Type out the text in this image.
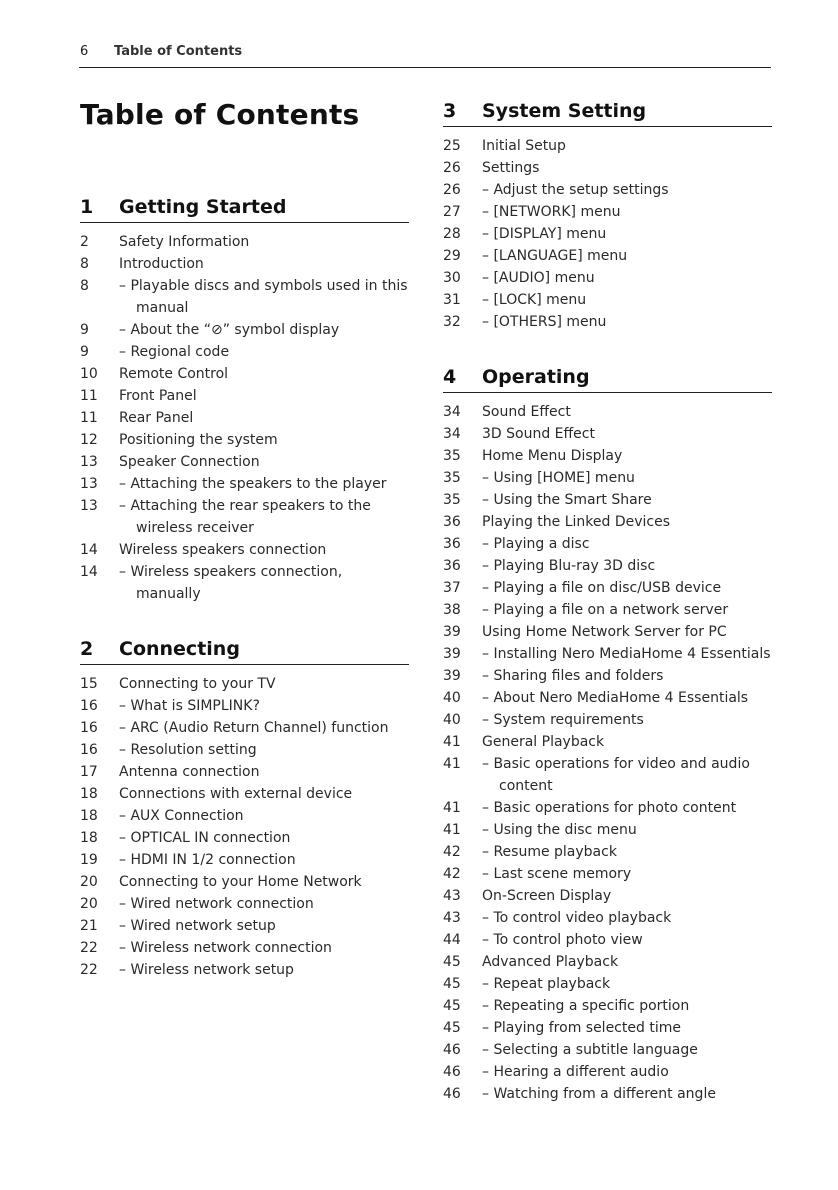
6 Table of Contents
Table of Contents
1 Getting Started
2	Safety Information
8	Introduction
8	– Playable discs and symbols used in this manual
9	– About the “⊘” symbol display
9	– Regional code
10	Remote Control
11	Front Panel
11	Rear Panel
12	Positioning the system
13	Speaker Connection
13	– Attaching the speakers to the player
13	– Attaching the rear speakers to the wireless receiver
14	Wireless speakers connection
14	– Wireless speakers connection, manually
2 Connecting
15	Connecting to your TV
16	– What is SIMPLINK?
16	– ARC (Audio Return Channel) function
16	– Resolution setting
17	Antenna connection
18	Connections with external device
18	– AUX Connection
18	– OPTICAL IN connection
19	– HDMI IN 1/2 connection
20	Connecting to your Home Network
20	– Wired network connection
21	– Wired network setup
22	– Wireless network connection
22	– Wireless network setup
3 System Setting
25	Initial Setup
26	Settings
26	– Adjust the setup settings
27	– [NETWORK] menu
28	– [DISPLAY] menu
29	– [LANGUAGE] menu
30	– [AUDIO] menu
31	– [LOCK] menu
32	– [OTHERS] menu
4 Operating
34	Sound Effect
34	3D Sound Effect
35	Home Menu Display
35	– Using [HOME] menu
35	– Using the Smart Share
36	Playing the Linked Devices
36	– Playing a disc
36	– Playing Blu-ray 3D disc
37	– Playing a file on disc/USB device
38	– Playing a file on a network server
39	Using Home Network Server for PC
39	– Installing Nero MediaHome 4 Essentials
39	– Sharing files and folders
40	– About Nero MediaHome 4 Essentials
40	– System requirements
41	General Playback
41	– Basic operations for video and audio content
41	– Basic operations for photo content
41	– Using the disc menu
42	– Resume playback
42	– Last scene memory
43	On-Screen Display
43	– To control video playback
44	– To control photo view
45	Advanced Playback
45	– Repeat playback
45	– Repeating a specific portion
45	– Playing from selected time
46	– Selecting a subtitle language
46	– Hearing a different audio
46	– Watching from a different angle
